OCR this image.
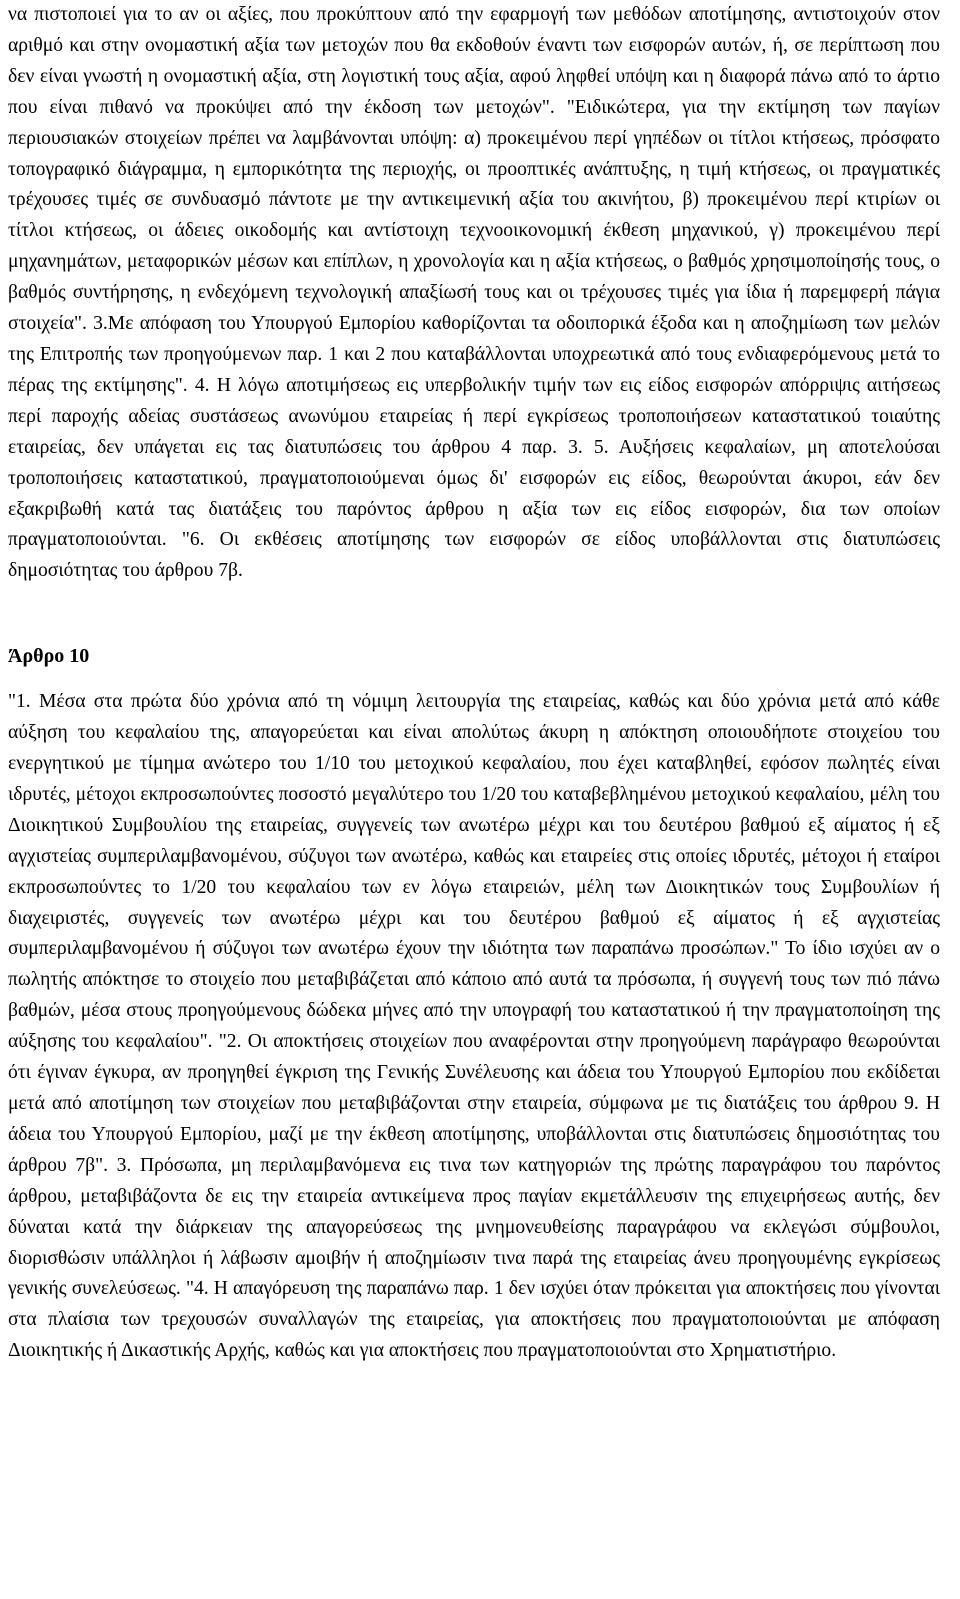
να πιστοποιεί για το αν οι αξίες, που προκύπτουν από την εφαρμογή των μεθόδων αποτίμησης, αντιστοιχούν στον αριθμό και στην ονομαστική αξία των μετοχών που θα εκδοθούν έναντι των εισφορών αυτών, ή, σε περίπτωση που δεν είναι γνωστή η ονομαστική αξία, στη λογιστική τους αξία, αφού ληφθεί υπόψη και η διαφορά πάνω από το άρτιο που είναι πιθανό να προκύψει από την έκδοση των μετοχών". "Ειδικώτερα, για την εκτίμηση των παγίων περιουσιακών στοιχείων πρέπει να λαμβάνονται υπόψη: α) προκειμένου περί γηπέδων οι τίτλοι κτήσεως, πρόσφατο τοπογραφικό διάγραμμα, η εμπορικότητα της περιοχής, οι προοπτικές ανάπτυξης, η τιμή κτήσεως, οι πραγματικές τρέχουσες τιμές σε συνδυασμό πάντοτε με την αντικειμενική αξία του ακινήτου, β) προκειμένου περί κτιρίων οι τίτλοι κτήσεως, οι άδειες οικοδομής και αντίστοιχη τεχνοοικονομική έκθεση μηχανικού, γ) προκειμένου περί μηχανημάτων, μεταφορικών μέσων και επίπλων, η χρονολογία και η αξία κτήσεως, ο βαθμός χρησιμοποίησής τους, ο βαθμός συντήρησης, η ενδεχόμενη τεχνολογική απαξίωσή τους και οι τρέχουσες τιμές για ίδια ή παρεμφερή πάγια στοιχεία". 3.Με απόφαση του Υπουργού Εμπορίου καθορίζονται τα οδοιπορικά έξοδα και η αποζημίωση των μελών της Επιτροπής των προηγούμενων παρ. 1 και 2 που καταβάλλονται υποχρεωτικά από τους ενδιαφερόμενους μετά το πέρας της εκτίμησης". 4. Η λόγω αποτιμήσεως εις υπερβολικήν τιμήν των εις είδος εισφορών απόρριψις αιτήσεως περί παροχής αδείας συστάσεως ανωνύμου εταιρείας ή περί εγκρίσεως τροποποιήσεων καταστατικού τοιαύτης εταιρείας, δεν υπάγεται εις τας διατυπώσεις του άρθρου 4 παρ. 3. 5. Αυξήσεις κεφαλαίων, μη αποτελούσαι τροποποιήσεις καταστατικού, πραγματοποιούμεναι όμως δι' εισφορών εις είδος, θεωρούνται άκυροι, εάν δεν εξακριβωθή κατά τας διατάξεις του παρόντος άρθρου η αξία των εις είδος εισφορών, δια των οποίων πραγματοποιούνται. "6. Οι εκθέσεις αποτίμησης των εισφορών σε είδος υποβάλλονται στις διατυπώσεις δημοσιότητας του άρθρου 7β.

Άρθρο 10

"1. Μέσα στα πρώτα δύο χρόνια από τη νόμιμη λειτουργία της εταιρείας, καθώς και δύο χρόνια μετά από κάθε αύξηση του κεφαλαίου της, απαγορεύεται και είναι απολύτως άκυρη η απόκτηση οποιουδήποτε στοιχείου του ενεργητικού με τίμημα ανώτερο του 1/10 του μετοχικού κεφαλαίου, που έχει καταβληθεί, εφόσον πωλητές είναι ιδρυτές, μέτοχοι εκπροσωπούντες ποσοστό μεγαλύτερο του 1/20 του καταβεβλημένου μετοχικού κεφαλαίου, μέλη του Διοικητικού Συμβουλίου της εταιρείας, συγγενείς των ανωτέρω μέχρι και του δευτέρου βαθμού εξ αίματος ή εξ αγχιστείας συμπεριλαμβανομένου, σύζυγοι των ανωτέρω, καθώς και εταιρείες στις οποίες ιδρυτές, μέτοχοι ή εταίροι εκπροσωπούντες το 1/20 του κεφαλαίου των εν λόγω εταιρειών, μέλη των Διοικητικών τους Συμβουλίων ή διαχειριστές, συγγενείς των ανωτέρω μέχρι και του δευτέρου βαθμού εξ αίματος ή εξ αγχιστείας συμπεριλαμβανομένου ή σύζυγοι των ανωτέρω έχουν την ιδιότητα των παραπάνω προσώπων." Το ίδιο ισχύει αν ο πωλητής απόκτησε το στοιχείο που μεταβιβάζεται από κάποιο από αυτά τα πρόσωπα, ή συγγενή τους των πιό πάνω βαθμών, μέσα στους προηγούμενους δώδεκα μήνες από την υπογραφή του καταστατικού ή την πραγματοποίηση της αύξησης του κεφαλαίου". "2. Οι αποκτήσεις στοιχείων που αναφέρονται στην προηγούμενη παράγραφο θεωρούνται ότι έγιναν έγκυρα, αν προηγηθεί έγκριση της Γενικής Συνέλευσης και άδεια του Υπουργού Εμπορίου που εκδίδεται μετά από αποτίμηση των στοιχείων που μεταβιβάζονται στην εταιρεία, σύμφωνα με τις διατάξεις του άρθρου 9. Η άδεια του Υπουργού Εμπορίου, μαζί με την έκθεση αποτίμησης, υποβάλλονται στις διατυπώσεις δημοσιότητας του άρθρου 7β". 3. Πρόσωπα, μη περιλαμβανόμενα εις τινα των κατηγοριών της πρώτης παραγράφου του παρόντος άρθρου, μεταβιβάζοντα δε εις την εταιρεία αντικείμενα προς παγίαν εκμετάλλευσιν της επιχειρήσεως αυτής, δεν δύναται κατά την διάρκειαν της απαγορεύσεως της μνημονευθείσης παραγράφου να εκλεγώσι σύμβουλοι, διορισθώσιν υπάλληλοι ή λάβωσιν αμοιβήν ή αποζημίωσιν τινα παρά της εταιρείας άνευ προηγουμένης εγκρίσεως γενικής συνελεύσεως. "4. Η απαγόρευση της παραπάνω παρ. 1 δεν ισχύει όταν πρόκειται για αποκτήσεις που γίνονται στα πλαίσια των τρεχουσών συναλλαγών της εταιρείας, για αποκτήσεις που πραγματοποιούνται με απόφαση Διοικητικής ή Δικαστικής Αρχής, καθώς και για αποκτήσεις που πραγματοποιούνται στο Χρηματιστήριο.
